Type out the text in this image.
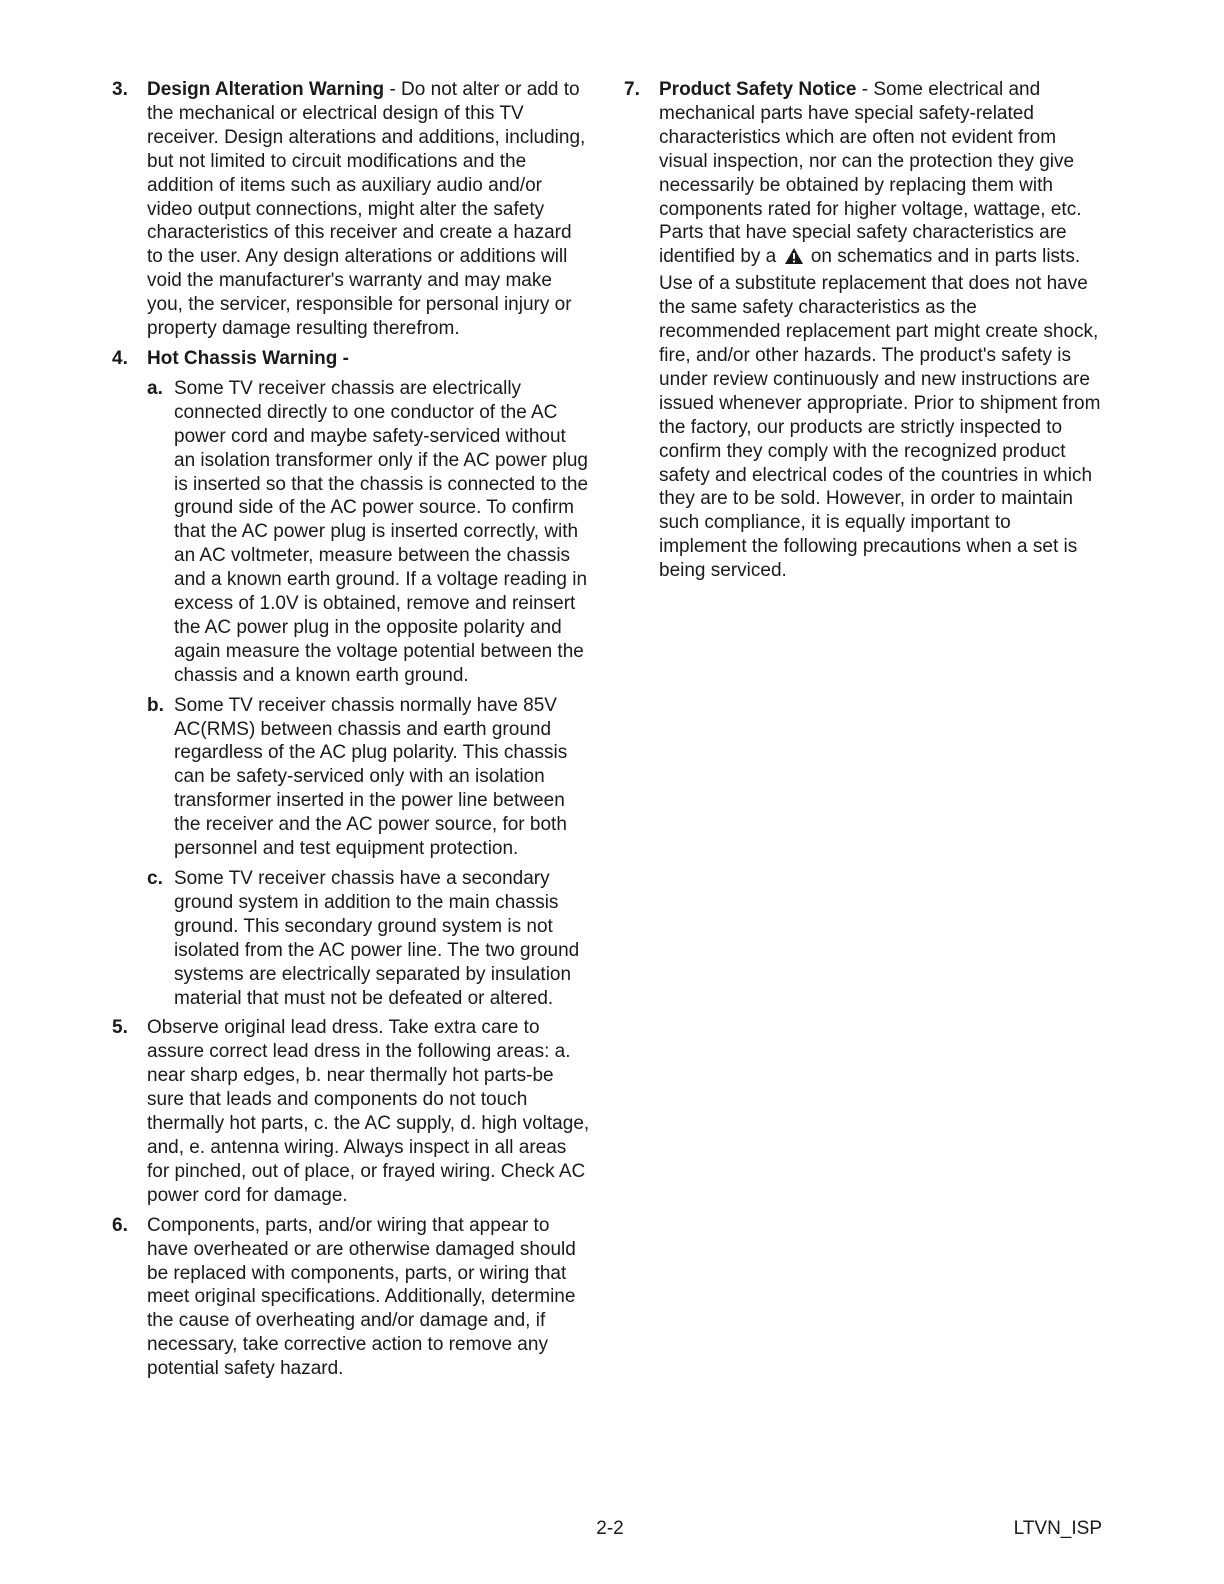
3. Design Alteration Warning - Do not alter or add to the mechanical or electrical design of this TV receiver. Design alterations and additions, including, but not limited to circuit modifications and the addition of items such as auxiliary audio and/or video output connections, might alter the safety characteristics of this receiver and create a hazard to the user. Any design alterations or additions will void the manufacturer's warranty and may make you, the servicer, responsible for personal injury or property damage resulting therefrom.
4. Hot Chassis Warning -
a. Some TV receiver chassis are electrically connected directly to one conductor of the AC power cord and maybe safety-serviced without an isolation transformer only if the AC power plug is inserted so that the chassis is connected to the ground side of the AC power source. To confirm that the AC power plug is inserted correctly, with an AC voltmeter, measure between the chassis and a known earth ground. If a voltage reading in excess of 1.0V is obtained, remove and reinsert the AC power plug in the opposite polarity and again measure the voltage potential between the chassis and a known earth ground.
b. Some TV receiver chassis normally have 85V AC(RMS) between chassis and earth ground regardless of the AC plug polarity. This chassis can be safety-serviced only with an isolation transformer inserted in the power line between the receiver and the AC power source, for both personnel and test equipment protection.
c. Some TV receiver chassis have a secondary ground system in addition to the main chassis ground. This secondary ground system is not isolated from the AC power line. The two ground systems are electrically separated by insulation material that must not be defeated or altered.
5. Observe original lead dress. Take extra care to assure correct lead dress in the following areas: a. near sharp edges, b. near thermally hot parts-be sure that leads and components do not touch thermally hot parts, c. the AC supply, d. high voltage, and, e. antenna wiring. Always inspect in all areas for pinched, out of place, or frayed wiring. Check AC power cord for damage.
6. Components, parts, and/or wiring that appear to have overheated or are otherwise damaged should be replaced with components, parts, or wiring that meet original specifications. Additionally, determine the cause of overheating and/or damage and, if necessary, take corrective action to remove any potential safety hazard.
7. Product Safety Notice - Some electrical and mechanical parts have special safety-related characteristics which are often not evident from visual inspection, nor can the protection they give necessarily be obtained by replacing them with components rated for higher voltage, wattage, etc. Parts that have special safety characteristics are identified by a on schematics and in parts lists. Use of a substitute replacement that does not have the same safety characteristics as the recommended replacement part might create shock, fire, and/or other hazards. The product's safety is under review continuously and new instructions are issued whenever appropriate. Prior to shipment from the factory, our products are strictly inspected to confirm they comply with the recognized product safety and electrical codes of the countries in which they are to be sold. However, in order to maintain such compliance, it is equally important to implement the following precautions when a set is being serviced.
2-2	LTVN_ISP
